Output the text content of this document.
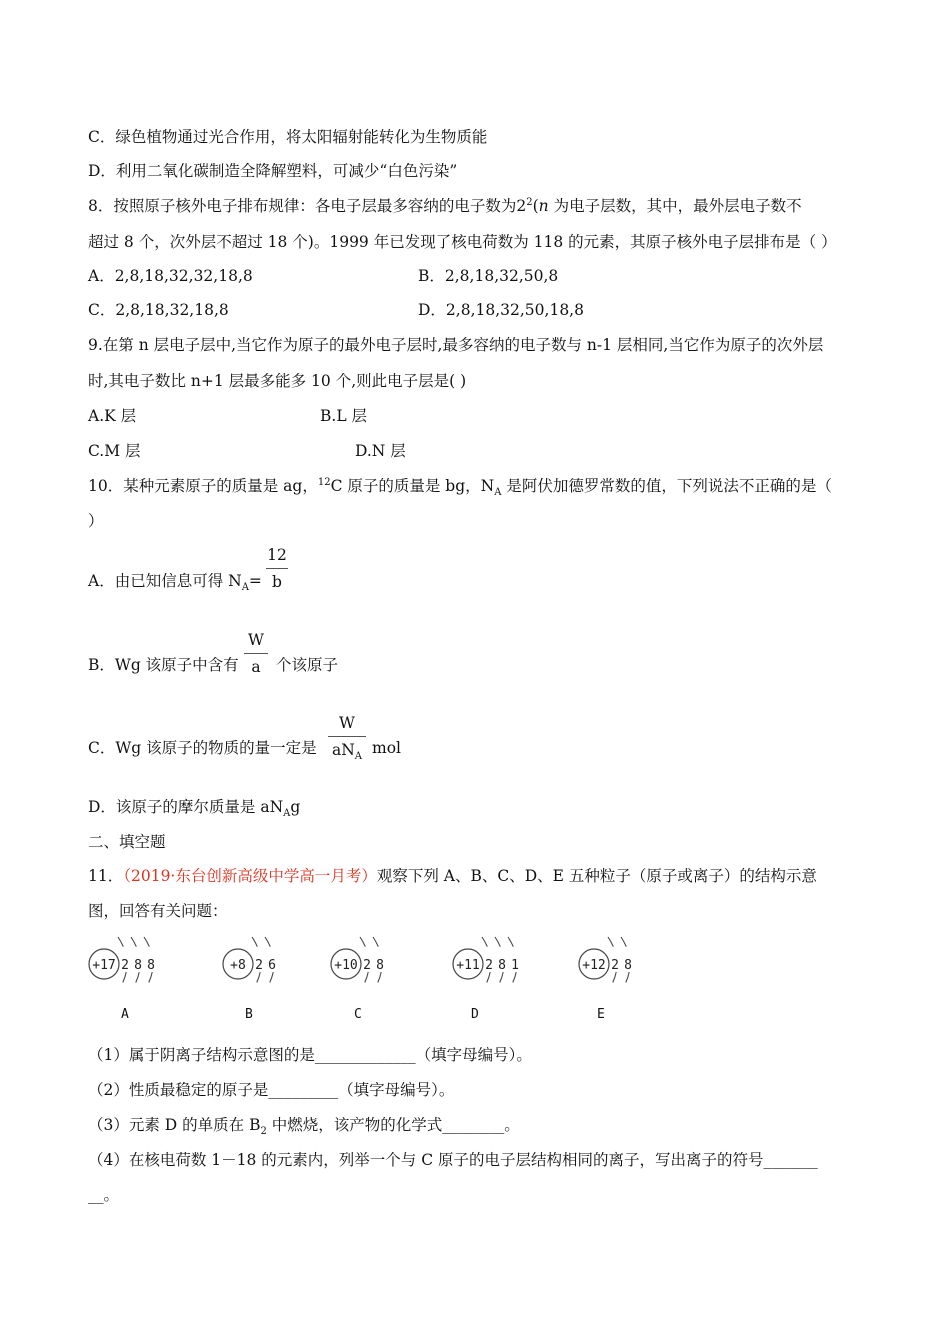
C．绿色植物通过光合作用，将太阳辐射能转化为生物质能
D．利用二氧化碳制造全降解塑料，可减少“白色污染”
8．按照原子核外电子排布规律：各电子层最多容纳的电子数为$2^2(n$ 为电子层数，其中，最外层电子数不
超过 8 个，次外层不超过 18 个)。1999 年已发现了核电荷数为 118 的元素，其原子核外电子层排布是（ ）
A．2,8,18,32,32,18,8	B．2,8,18,32,50,8
C．2,8,18,32,18,8	D．2,8,18,32,50,18,8
9.在第 n 层电子层中,当它作为原子的最外电子层时,最多容纳的电子数与 n-1 层相同,当它作为原子的次外层
时,其电子数比 n+1 层最多能多 10 个,则此电子层是( )
A.K 层	B.L 层
C.M 层	D.N 层
10．某种元素原子的质量是 ag，$^{12}$C 原子的质量是 bg，$N_A$ 是阿伏加德罗常数的值，下列说法不正确的是（
）
A．由已知信息可得 $N_A=$
12
b
B．Wg 该原子中含有
W
a 个该原子
C．Wg 该原子的物质的量一定是
W
$aN_A$ mol
D．该原子的摩尔质量是 $aN_Ag$
二、填空题
11．（2019·东台创新高级中学高一月考）观察下列 A、B、C、D、E 五种粒子（原子或离子）的结构示意
图，回答有关问题：
+17 2 8 8
A
+8 2 6
B
+10 2 8
C
+11 2 8 1
D
+12 2 8
E
（1）属于阴离子结构示意图的是_____________（填字母编号）。
（2）性质最稳定的原子是_________（填字母编号）。
（3）元素 D 的单质在 $B_2$ 中燃烧，该产物的化学式________。
（4）在核电荷数 1－18 的元素内，列举一个与 C 原子的电子层结构相同的离子，写出离子的符号_______
__。
